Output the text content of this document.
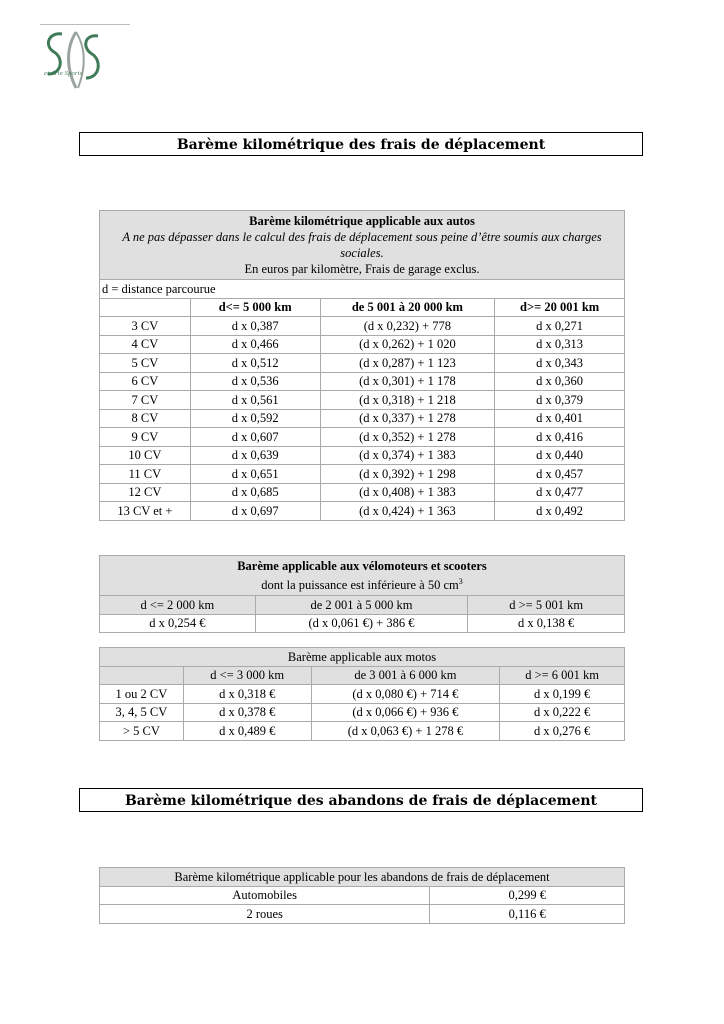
et Arte Sports
Barème kilométrique des frais de déplacement
Barème kilométrique applicable aux autos
A ne pas dépasser dans le calcul des frais de déplacement sous peine d’être soumis aux charges sociales.
En euros par kilomètre, Frais de garage exclus.			

d = distance parcourue			
	d<= 5 000 km	de 5 001 à 20 000 km	d>= 20 001 km
3 CV	d x 0,387	(d x 0,232) + 778	d x 0,271
4 CV	d x 0,466	(d x 0,262) + 1 020	d x 0,313
5 CV	d x 0,512	(d x 0,287) + 1 123	d x 0,343
6 CV	d x 0,536	(d x 0,301) + 1 178	d x 0,360
7 CV	d x 0,561	(d x 0,318) + 1 218	d x 0,379
8 CV	d x 0,592	(d x 0,337) + 1 278	d x 0,401
9 CV	d x 0,607	(d x 0,352) + 1 278	d x 0,416
10 CV	d x 0,639	(d x 0,374) + 1 383	d x 0,440
11 CV	d x 0,651	(d x 0,392) + 1 298	d x 0,457
12 CV	d x 0,685	(d x 0,408) + 1 383	d x 0,477
13 CV et +	d x 0,697	(d x 0,424) + 1 363	d x 0,492
Barème applicable aux vélomoteurs et scooters
dont la puissance est inférieure à 50 $cm^3$

d <= 2 000 km	de 2 001 à 5 000 km	d >= 5 001 km
d x 0,254 €	(d x 0,061 €) + 386 €	d x 0,138 €
Barème applicable aux motos			
	d <= 3 000 km	de 3 001 à 6 000 km	d >= 6 001 km
1 ou 2 CV	d x 0,318 €	(d x 0,080 €) + 714 €	d x 0,199 €
3, 4, 5 CV	d x 0,378 €	(d x 0,066 €) + 936 €	d x 0,222 €
> 5 CV	d x 0,489 €	(d x 0,063 €) + 1 278 €	d x 0,276 €
Barème kilométrique des abandons de frais de déplacement
Barème kilométrique applicable pour les abandons de frais de déplacement	
Automobiles	0,299 €
2 roues	0,116 €
